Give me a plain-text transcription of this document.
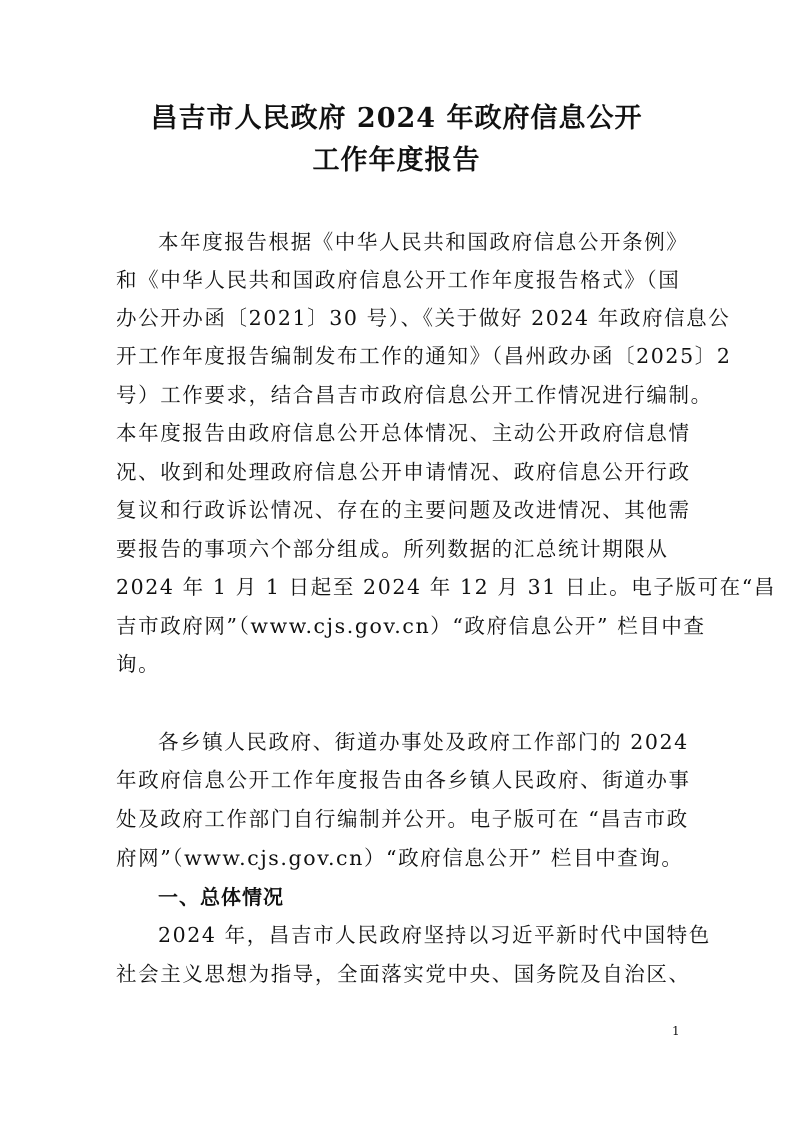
昌吉市人民政府 2024 年政府信息公开
工作年度报告
本年度报告根据《中华人民共和国政府信息公开条例》
和《中华人民共和国政府信息公开工作年度报告格式》（国
办公开办函〔2021〕30 号）、《关于做好 2024 年政府信息公
开工作年度报告编制发布工作的通知》（昌州政办函〔2025〕2
号）工作要求，结合昌吉市政府信息公开工作情况进行编制。
本年度报告由政府信息公开总体情况、主动公开政府信息情
况、收到和处理政府信息公开申请情况、政府信息公开行政
复议和行政诉讼情况、存在的主要问题及改进情况、其他需
要报告的事项六个部分组成。所列数据的汇总统计期限从
2024 年 1 月 1 日起至 2024 年 12 月 31 日止。电子版可在“昌
吉市政府网”（www.cjs.gov.cn）“政府信息公开” 栏目中查
询。
各乡镇人民政府、街道办事处及政府工作部门的 2024
年政府信息公开工作年度报告由各乡镇人民政府、街道办事
处及政府工作部门自行编制并公开。电子版可在 “昌吉市政
府网”（www.cjs.gov.cn）“政府信息公开” 栏目中查询。
一、总体情况
2024 年，昌吉市人民政府坚持以习近平新时代中国特色
社会主义思想为指导，全面落实党中央、国务院及自治区、
1
